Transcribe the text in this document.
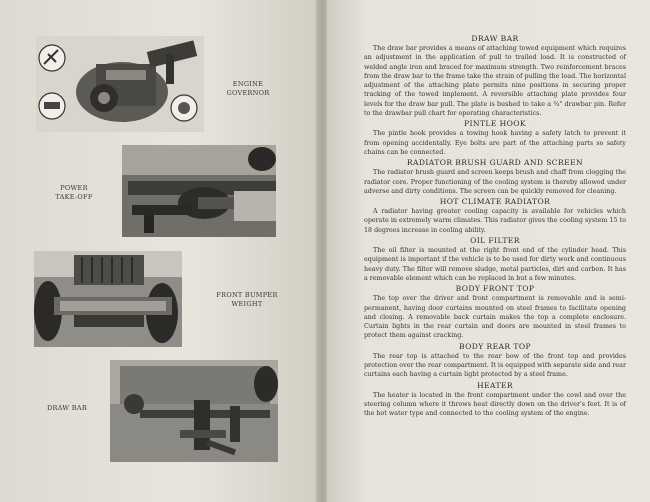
ENGINE
GOVERNOR
POWER
TAKE-OFF
FRONT BUMPER
WEIGHT
DRAW BAR

DRAW BAR

The draw bar provides a means of attaching towed equipment which requires an adjustment in the application of pull to trailed load. It is constructed of welded angle iron and braced for maximum strength. Two reinforcement braces from the draw bar to the frame take the strain of pulling the load. The horizontal adjustment of the attaching plate permits nine positions in securing proper tracking of the towed implement. A reversible attaching plate provides four levels for the draw bar pull. The plate is bushed to take a ¾" drawbar pin. Refer to the drawbar pull chart for operating characteristics.

PINTLE HOOK

The pintle hook provides a towing hook having a safety latch to prevent it from opening accidentally. Eye bolts are part of the attaching parts so safety chains can be connected.

RADIATOR BRUSH GUARD AND SCREEN

The radiator brush guard and screen keeps brush and chaff from clogging the radiator core. Proper functioning of the cooling system is thereby allowed under adverse and dirty conditions. The screen can be quickly removed for cleaning.

HOT CLIMATE RADIATOR

A radiator having greater cooling capacity is available for vehicles which operate in extremely warm climates. This radiator gives the cooling system 15 to 18 degrees increase in cooling ability.

OIL FILTER

The oil filter is mounted at the right front end of the cylinder head. This equipment is important if the vehicle is to be used for dirty work and continuous heavy duty. The filter will remove sludge, metal particles, dirt and carbon. It has a removable element which can be replaced in but a few minutes.

BODY FRONT TOP

The top over the driver and front compartment is removable and is semi-permanent, having door curtains mounted on steel frames to facilitate opening and closing. A removable back curtain makes the top a complete enclosure. Curtain lights in the rear curtain and doors are mounted in steel frames to protect them against cracking.

BODY REAR TOP

The rear top is attached to the rear bow of the front top and provides protection over the rear compartment. It is equipped with separate side and rear curtains each having a curtain light protected by a steel frame.

HEATER

The heater is located in the front compartment under the cowl and over the steering column where it throws heat directly down on the driver's feet. It is of the hot water type and connected to the cooling system of the engine.
